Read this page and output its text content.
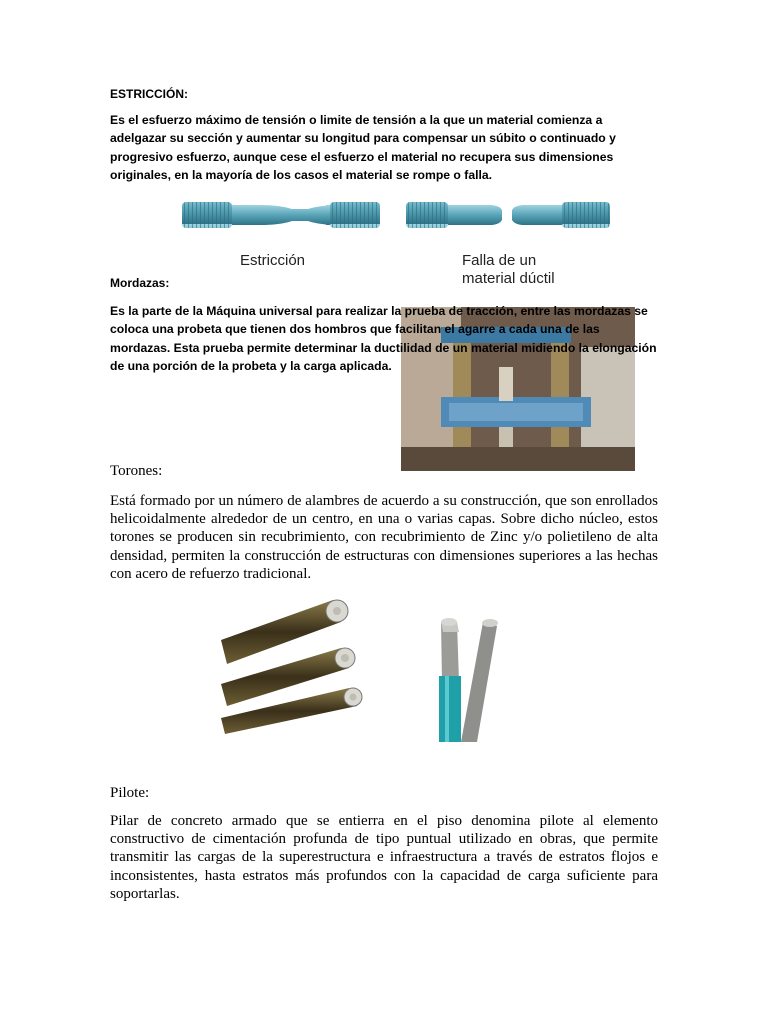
ESTRICCIÓN:
Es el esfuerzo máximo de tensión o limite de tensión a la que un material comienza a adelgazar su sección y aumentar su longitud para compensar un súbito o continuado y progresivo esfuerzo, aunque cese el esfuerzo el material no recupera sus dimensiones originales, en la mayoría de los casos el material se rompe o falla.
Estricción	Falla de un
material dúctil
Mordazas:
Es la parte de la Máquina universal para realizar la prueba de tracción, entre las mordazas se coloca una probeta que tienen dos hombros que facilitan el agarre a cada una de las mordazas. Esta prueba permite determinar la ductilidad de un material midiendo la elongación de una porción de la probeta y la carga aplicada.
Torones:
Está formado por un número de alambres de acuerdo a su construcción, que son enrollados helicoidalmente alrededor de un centro, en una o varias capas. Sobre dicho núcleo, estos torones se producen sin recubrimiento, con recubrimiento de Zinc y/o polietileno de alta densidad, permiten la construcción de estructuras con dimensiones superiores a las hechas con acero de refuerzo tradicional.
Pilote:
Pilar de concreto armado que se entierra en el piso denomina pilote al elemento constructivo de cimentación profunda de tipo puntual utilizado en obras, que permite transmitir las cargas de la superestructura e infraestructura a través de estratos flojos e inconsistentes, hasta estratos más profundos con la capacidad de carga suficiente para soportarlas.
